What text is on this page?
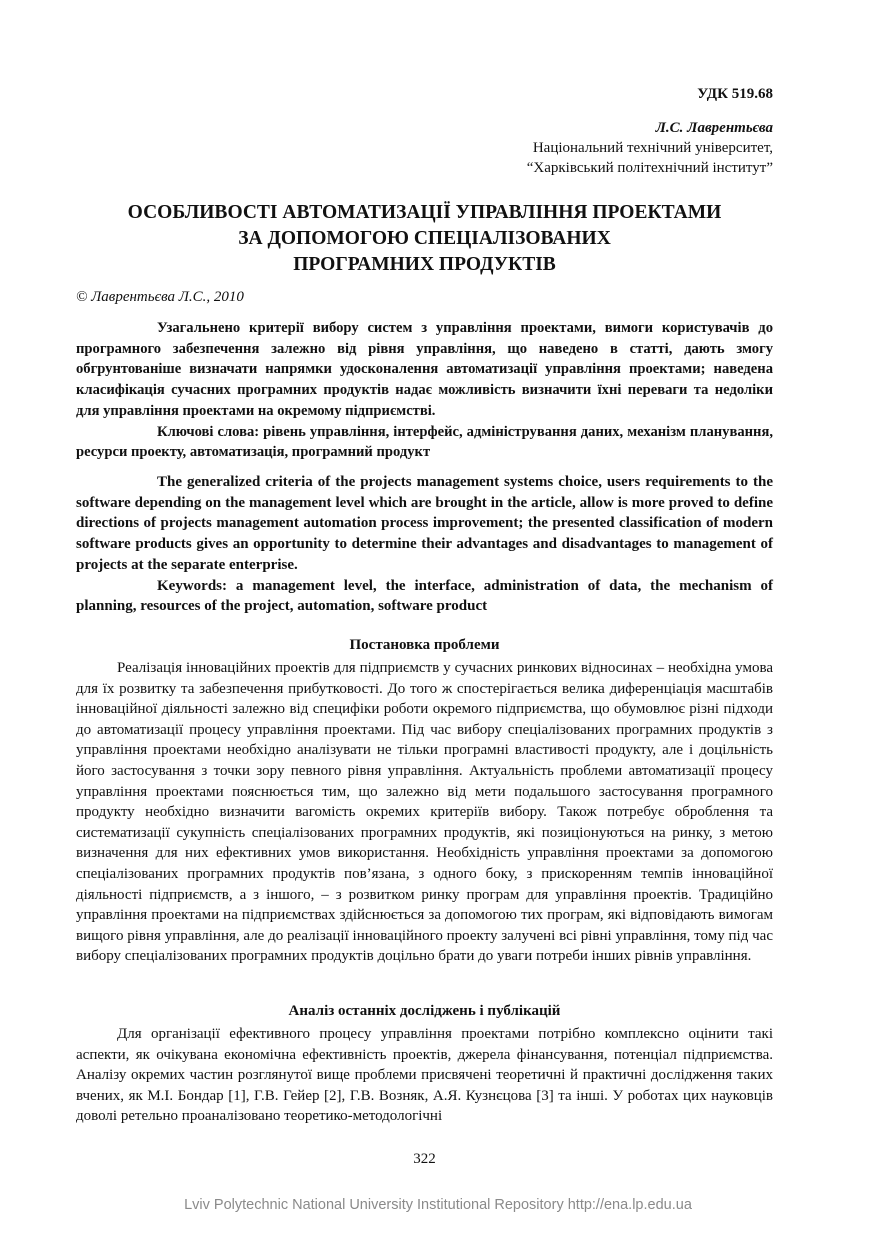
УДК 519.68
Л.С. Лаврентьєва
Національний технічний університет,
“Харківський політехнічний інститут”
ОСОБЛИВОСТІ АВТОМАТИЗАЦІЇ УПРАВЛІННЯ ПРОЕКТАМИ
ЗА ДОПОМОГОЮ СПЕЦІАЛІЗОВАНИХ
ПРОГРАМНИХ ПРОДУКТІВ
© Лаврентьєва Л.С., 2010

Узагальнено критерії вибору систем з управління проектами, вимоги користувачів до програмного забезпечення залежно від рівня управління, що наведено в статті, дають змогу обгрунтованіше визначати напрямки удосконалення автоматизації управління проектами; наведена класифікація сучасних програмних продуктів надає можливість визначити їхні переваги та недоліки для управління проектами на окремому підприємстві.

Ключові слова: рівень управління, інтерфейс, адміністрування даних, механізм планування, ресурси проекту, автоматизація, програмний продукт

The generalized criteria of the projects management systems choice, users requirements to the software depending on the management level which are brought in the article, allow is more proved to define directions of projects management automation process improvement; the presented classification of modern software products gives an opportunity to determine their advantages and disadvantages to management of projects at the separate enterprise.

Keywords: a management level, the interface, administration of data, the mechanism of planning, resources of the project, automation, software product

Постановка проблеми

Реалізація інноваційних проектів для підприємств у сучасних ринкових відносинах – необхідна умова для їх розвитку та забезпечення прибутковості. До того ж спостерігається велика диференціація масштабів інноваційної діяльності залежно від специфіки роботи окремого підприємства, що обумовлює різні підходи до автоматизації процесу управління проектами. Під час вибору спеціалізованих програмних продуктів з управління проектами необхідно аналізувати не тільки програмні властивості продукту, але і доцільність його застосування з точки зору певного рівня управління. Актуальність проблеми автоматизації процесу управління проектами пояснюється тим, що залежно від мети подальшого застосування програмного продукту необхідно визначити вагомість окремих критеріїв вибору. Також потребує оброблення та систематизації сукупність спеціалізованих програмних продуктів, які позиціонуються на ринку, з метою визначення для них ефективних умов використання. Необхідність управління проектами за допомогою спеціалізованих програмних продуктів пов’язана, з одного боку, з прискоренням темпів інноваційної діяльності підприємств, а з іншого, – з розвитком ринку програм для управління проектів. Традиційно управління проектами на підприємствах здійснюється за допомогою тих програм, які відповідають вимогам вищого рівня управління, але до реалізації інноваційного проекту залучені всі рівні управління, тому під час вибору спеціалізованих програмних продуктів доцільно брати до уваги потреби інших рівнів управління.

Аналіз останніх досліджень і публікацій

Для організації ефективного процесу управління проектами потрібно комплексно оцінити такі аспекти, як очікувана економічна ефективність проектів, джерела фінансування, потенціал підприємства. Аналізу окремих частин розглянутої вище проблеми присвячені теоретичні й практичні дослідження таких вчених, як М.І. Бондар [1], Г.В. Гейер [2], Г.В. Возняк, А.Я. Кузнєцова [3] та інші. У роботах цих науковців доволі ретельно проаналізовано теоретико-методологічні

322
Lviv Polytechnic National University Institutional Repository http://ena.lp.edu.ua
